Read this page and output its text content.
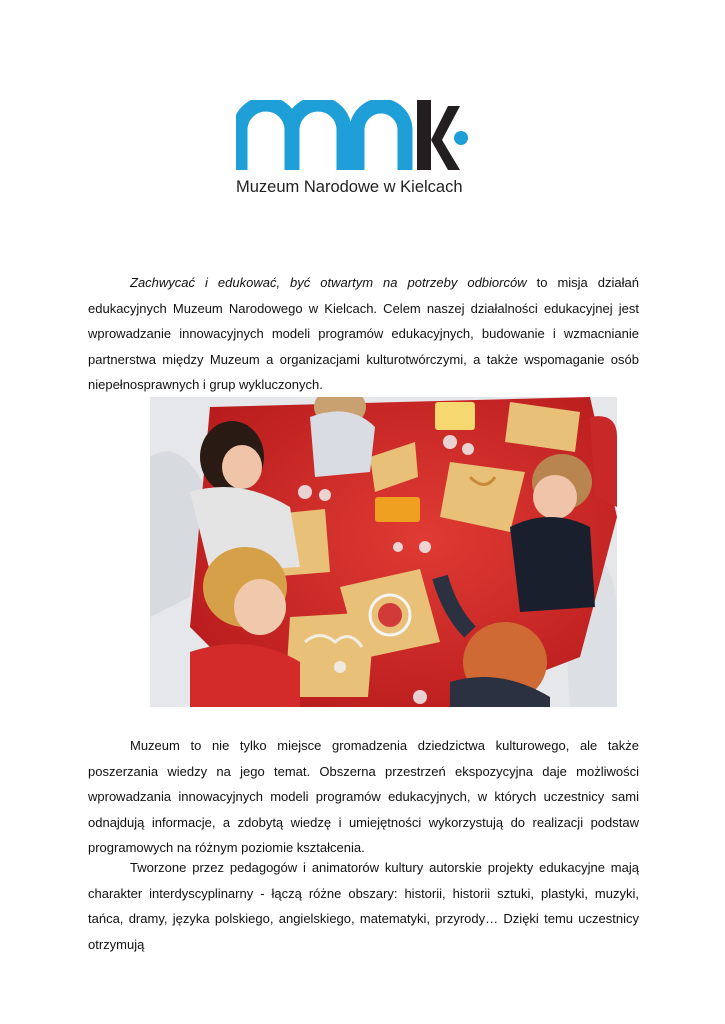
Muzeum Narodowe w Kielcach
Zachwycać i edukować, być otwartym na potrzeby odbiorców to misja działań edukacyjnych Muzeum Narodowego w Kielcach. Celem naszej działalności edukacyjnej jest wprowadzanie innowacyjnych modeli programów edukacyjnych, budowanie i wzmacnianie partnerstwa między Muzeum a organizacjami kulturotwórczymi, a także wspomaganie osób niepełnosprawnych i grup wykluczonych.
Muzeum to nie tylko miejsce gromadzenia dziedzictwa kulturowego, ale także poszerzania wiedzy na jego temat. Obszerna przestrzeń ekspozycyjna daje możliwości wprowadzania innowacyjnych modeli programów edukacyjnych, w których uczestnicy sami odnajdują informacje, a zdobytą wiedzę i umiejętności wykorzystują do realizacji podstaw programowych na różnym poziomie kształcenia.
Tworzone przez pedagogów i animatorów kultury autorskie projekty edukacyjne mają charakter interdyscyplinarny - łączą różne obszary: historii, historii sztuki, plastyki, muzyki, tańca, dramy, języka polskiego, angielskiego, matematyki, przyrody… Dzięki temu uczestnicy otrzymują
